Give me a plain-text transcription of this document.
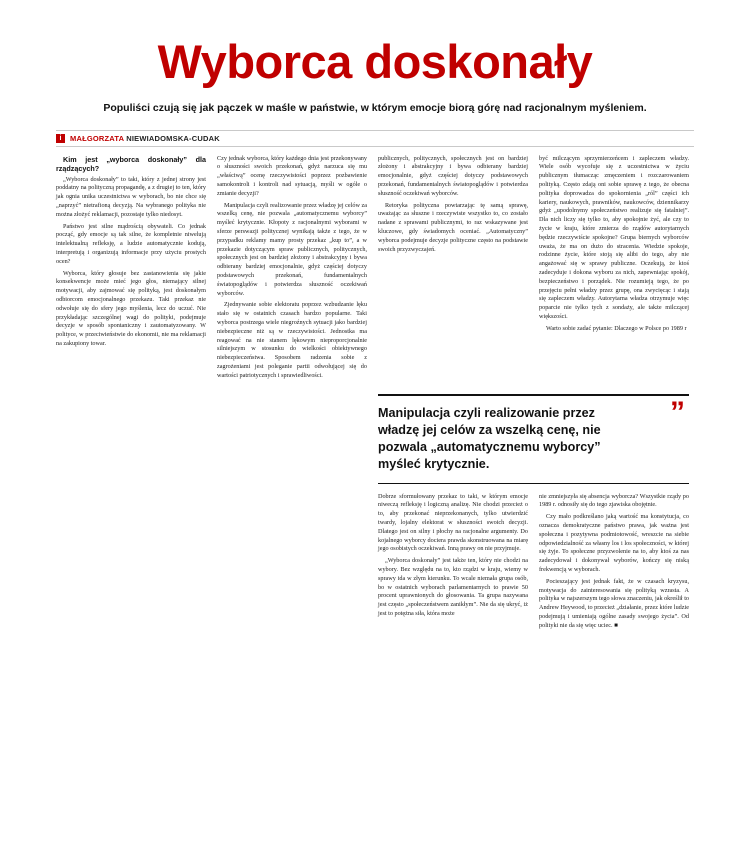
Wyborca doskonały
Populiści czują się jak pączek w maśle w państwie, w którym emocje biorą górę nad racjonalnym myśleniem.
i	MAŁGORZATA NIEWIADOMSKA-CUDAK

Kim jest „wyborca doskonały” dla rządzących?

„Wyborca doskonały” to taki, który z jednej strony jest poddatny na polityczną propagandę, a z drugiej to ten, który jak ognia unika uczestnictwa w wyborach, bo nie chce się „naprzyć” nietrafioną decyzją. Na wybranego polityka nie można złożyć reklamacji, pozostaje tylko niedosyt.

Państwo jest silne mądrością obywateli. Co jednak począć, gdy emocje są tak silne, że kompletnie niwelują intelektualną refleksję, a ludzie automatycznie kodują, interpretują i organizują informacje przy użyciu prostych ocen?

Wyborca, który głosuje bez zastanowienia się jakie konsekwencje może mieć jego głos, niemający silnej motywacji, aby zajmować się polityką, jest doskonałym odbiorcom emocjonalnego przekazu. Taki przekaz nie odwołuje się do sfery jego myślenia, lecz do uczuć. Nie przykładając szczególnej wagi do polityki, podejmuje decyzje w sposób spontaniczny i zautomatyzowany. W polityce, w przeciwieństwie do ekonomii, nie ma reklamacji na zakupiony towar.

Czy jednak wyborca, który każdego dnia jest przekonywany o słuszności swoich przekonań, gdyż narzuca się mu „właściwą” ocenę rzeczywistości poprzez pozbawienie samokontroli i kontroli nad sytuacją, myśli w ogóle o zmianie decyzji?

Manipulacja czyli realizowanie przez władzę jej celów za wszelką cenę, nie pozwala „automatycznemu wyborcy” myśleć krytycznie. Kłopoty z racjonalnymi wyborami w sferze perswazji politycznej wynikają także z tego, że w przypadku reklamy mamy prosty przekaz „kup to”, a w przekazie dotyczącym spraw publicznych, politycznych, społecznych jest on bardziej złożony i abstrakcyjny i bywa odbierany bardziej emocjonalnie, gdyż częściej dotyczy podstawowych przekonań, fundamentalnych światopoglądów i potwierdza słuszność oczekiwań wyborców.

Zjednywanie sobie elektoratu poprzez wzbudzanie lęku stało się w ostatnich czasach bardzo popularne. Taki wyborca postrzega wiele niegroźnych sytuacji jako bardziej niebezpieczne niż są w rzeczywistości. Jednostka ma reagować na nie stanem lękowym nieproporcjonalnie silniejszym w stosunku do wielkości obiektywnego niebezpieczeństwa. Sposobem radzenia sobie z zagrożeniami jest poleganie partii odwołującej się do wartości patriotycznych i sprawiedliwości.

publicznych, politycznych, społecznych jest on bardziej złożony i abstrakcyjny i bywa odbierany bardziej emocjonalnie, gdyż częściej dotyczy podstawowych przekonań, fundamentalnych światopoglądów i potwierdza słuszność oczekiwań wyborców.

Retoryka polityczna powtarzając tę samą sprawę, uważając za słuszne i rzeczywiste wszystko to, co zostało nadane z sprawami publicznymi, to raz wskazywane jest kluczowe, gdy świadomych oceniać. „Automatyczny” wyborca podejmuje decyzje polityczne często na podstawie swoich przyzwyczajeń.

być milczącym sprzymierzeńcem i zapleczem władzy. Wiele osób wycofuje się z uczestnictwa w życiu publicznym tłumacząc zmęczeniem i rozczarowaniem polityką. Często zdają oni sobie sprawę z tego, że obecna polityka doprowadza do spokornienia „ról” części ich kariery, naukowych, prawników, naukowców, dziennikarzy gdyż „upodolnymy społeczeństwo realizuje się fatalniej”. Dla nich liczy się tylko to, aby spokojnie żyć, ale czy to życie w kraju, które zmierza do rządów autorytarnych będzie rzeczywiście spokojne? Grupa biernych wyborców uważa, że ma on dużo do stracenia. Wiedzie spokoje, rodzinne życie, które stoją się alibi do tego, aby nie angażować się w sprawy publiczne. Oczekują, że ktoś zadecyduje i dokona wyboru za nich, zapewniając spokój, bezpieczeństwo i porządek. Nie rozumieją tego, że po przejęciu pełni władzy przez grupę, ona zwycięcąc i stają się zapleczem władzy. Autorytarna władza otrzymuje więc poparcie nie tylko tych z sondaży, ale także milczącej większości.

Warto sobie zadać pytanie: Dlaczego w Polsce po 1989 r

”
Manipulacja czyli realizowanie przez władzę jej celów za wszelką cenę, nie pozwala „automatycznemu wyborcy” myśleć krytycznie.

Dobrze sformułowany przekaz to taki, w którym emocje niweczą refleksję i logiczną analizę. Nie chodzi przecież o to, aby przekonać nieprzekonanych, tylko utwierdzić twardy, lojalny elektorat w słuszności swoich decyzji. Dlatego jest on silny i płochy na racjonalne argumenty. Do kojalnego wyborcy dociera prawda skonstruowana na miarę jego osobistych oczekiwań. Inną prawy on nie przyjmuje.

„Wyborca doskonały” jest także ten, który nie chodzi na wybory. Bez względu na to, kto rządzi w kraju, wiemy w sprawy ida w złym kierunku. To wcale niemała grupa osób, bo w ostatnich wyborach parlamentarnych to prawie 50 procent uprawnionych do głosowania. Ta grupa nazywana jest często „społeczeństwem zanikłym”. Nie da się ukryć, iż jest to potężna siła, która może

nie zmniejszyła się absencja wyborcza? Wszystkie rządy po 1989 r. odnosiły się do tego zjawiska obojętnie.

Czy mało podkreślano jaką wartość ma konstytucja, co oznacza demokratyczne państwo prawa, jak ważna jest społeczna i pozytywna podmiotowość, wreszcie na siebie odpowiedzialność za własny los i los społeczności, w której się żyje. To społeczne przyzwolenie na to, aby ktoś za nas zadecydował i dokonywał wyborów, kończy się niską frekwencją w wyborach.

Pocieszający jest jednak fakt, że w czasach kryzysu, motywacja do zainteresowania się polityką wzrasta. A polityka w najszerszym tego słowa znaczeniu, jak określił to Andrew Heywood, to przecież „działanie, przez które ludzie podejmują i umieniają ogólne zasady swojego życia”. Od polityki nie da się więc uciec. ■
